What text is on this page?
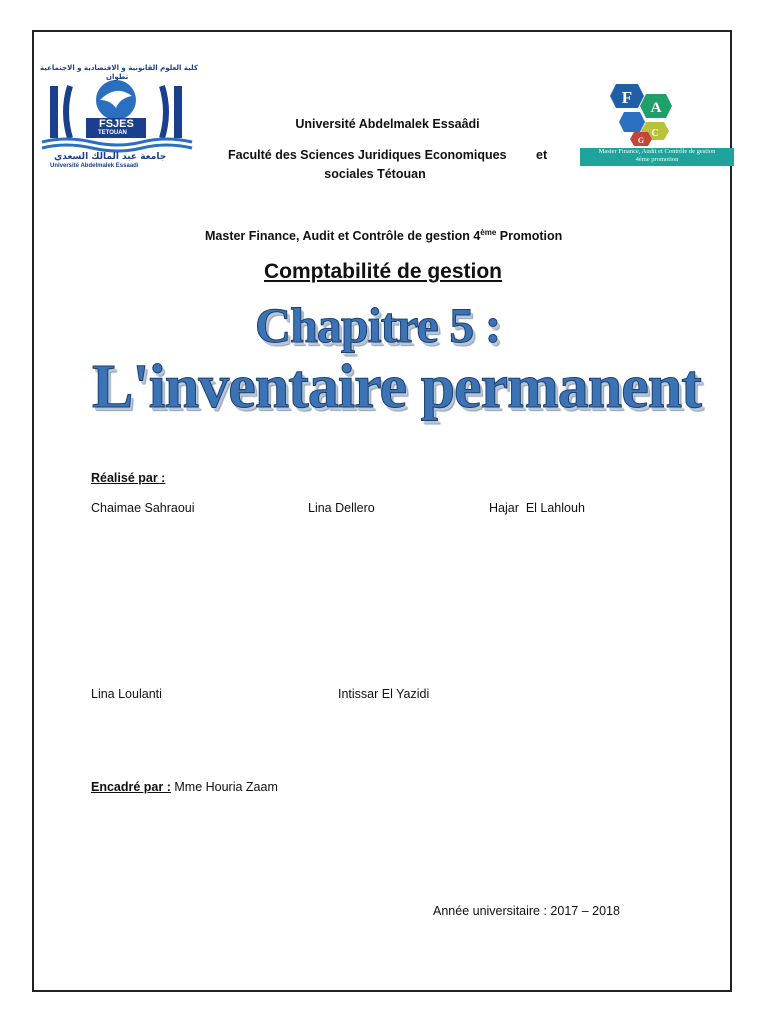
كلية العلوم القانونية و الاقتصادية و الاجتماعية
تطوان
FSJES
TETOUAN
جامعة عبد المالك السعدي
Université Abdelmalek Essaadi
F
A
C
G
Master Finance, Audit et Contrôle de gestion
4ème promotion
Université Abdelmalek Essaâdi
Faculté des Sciences Juridiques Economiques et
sociales Tétouan
Master Finance, Audit et Contrôle de gestion 4ème Promotion
Comptabilité de gestion
Chapitre 5 :
L'inventaire permanent
Réalisé par :
Chaimae Sahraoui	Lina Dellero	Hajar  El Lahlouh
Lina Loulanti	Intissar El Yazidi
Encadré par : Mme Houria Zaam
Année universitaire : 2017 – 2018
